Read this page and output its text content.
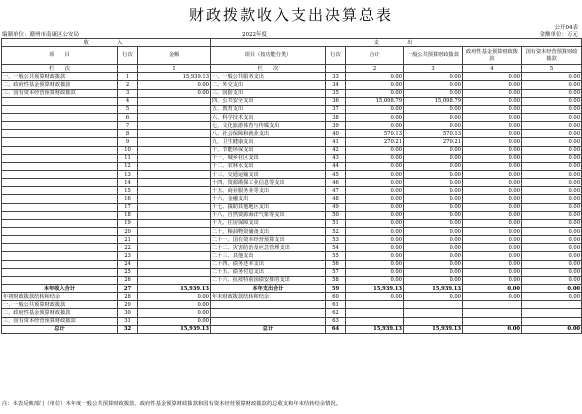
财政拨款收入支出决算总表
公开04表
编制单位：赣州市南康区公安局	2022年度	金额单位：万元
收　　入			支　　出					
项　　目	行次	金额	项目（按功能分类）	行次	合计	一般公共预算财政拨款	政府性基金预算财政拨款	国有资本经营预算财政拨款
栏　　次		1	栏　　次		2	3	4	5
一、一般公共预算财政拨款	1	15,939.13	一、一般公共服务支出	33	0.00	0.00	0.00	0.00
二、政府性基金预算财政拨款	2	0.00	二、外交支出	34	0.00	0.00	0.00	0.00
三、国有资本经营预算财政拨款	3	0.00	三、国防支出	35	0.00	0.00	0.00	0.00
	4		四、公共安全支出	36	15,098.79	15,098.79	0.00	0.00
	5		五、教育支出	37	0.00	0.00	0.00	0.00
	6		六、科学技术支出	38	0.00	0.00	0.00	0.00
	7		七、文化旅游体育与传媒支出	39	0.00	0.00	0.00	0.00
	8		八、社会保障和就业支出	40	570.13	570.13	0.00	0.00
	9		九、卫生健康支出	41	270.21	270.21	0.00	0.00
	10		十、节能环保支出	42	0.00	0.00	0.00	0.00
	11		十一、城乡社区支出	43	0.00	0.00	0.00	0.00
	12		十二、农林水支出	44	0.00	0.00	0.00	0.00
	13		十三、交通运输支出	45	0.00	0.00	0.00	0.00
	14		十四、资源勘探工业信息等支出	46	0.00	0.00	0.00	0.00
	15		十五、商业服务业等支出	47	0.00	0.00	0.00	0.00
	16		十六、金融支出	48	0.00	0.00	0.00	0.00
	17		十七、援助其他地区支出	49	0.00	0.00	0.00	0.00
	18		十八、自然资源海洋气象等支出	50	0.00	0.00	0.00	0.00
	19		十九、住房保障支出	51	0.00	0.00	0.00	0.00
	20		二十、粮油物资储备支出	52	0.00	0.00	0.00	0.00
	21		二十一、国有资本经营预算支出	53	0.00	0.00	0.00	0.00
	22		二十二、灾害防治及应急管理支出	54	0.00	0.00	0.00	0.00
	23		二十三、其他支出	55	0.00	0.00	0.00	0.00
	24		二十四、债务还本支出	56	0.00	0.00	0.00	0.00
	25		二十五、债务付息支出	57	0.00	0.00	0.00	0.00
	26		二十六、抗疫特别国债安排的支出	58	0.00	0.00	0.00	0.00
本年收入合计	27	15,939.13	本年支出合计	59	15,939.13	15,939.13	0.00	0.00
年初财政拨款结转和结余	28	0.00	年末财政拨款结转和结余	60	0.00	0.00	0.00	0.00
一、一般公共预算财政拨款	29	0.00		61				
二、政府性基金预算财政拨款	30	0.00		62				
三、国有资本经营预算财政拨款	31	0.00		63				
总计	32	15,939.13	总计	64	15,939.13	15,939.13	0.00	0.00
注：本表反映部门（单位）本年度一般公共预算财政拨款、政府性基金预算财政拨款和国有资本经营预算财政拨款的总收支和年末结转结余情况。
